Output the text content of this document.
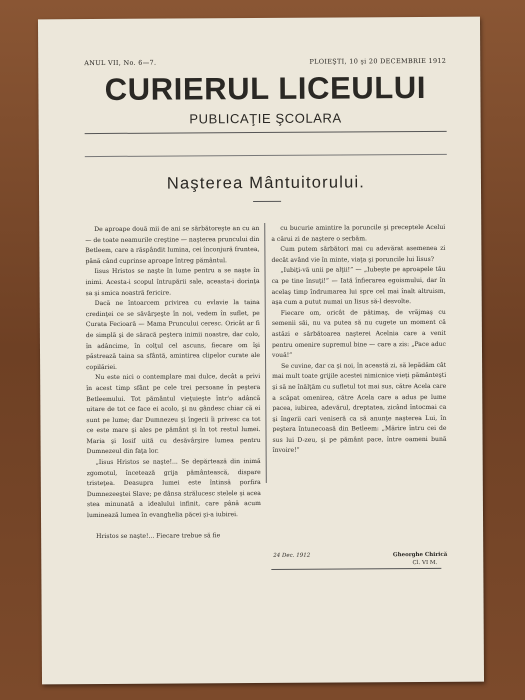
ANUL VII, No. 6—7.	PLOIEŞTI, 10 şi 20 DECEMBRIE 1912
CURIERUL LICEULUI
PUBLICAŢIE ŞCOLARA
Naşterea Mântuitorului.

De aproape două mii de ani se sărbătoreşte an cu an — de toate neamurile creştine — naşterea pruncului din Betleem, care a răspândit lumina, cei înconjură fruntea, până când cuprinse aproape întreg pământul.

Iisus Hristos se naşte în lume pentru a se naşte în inimi. Acesta-i scopul întrupării sale, aceasta-i dorinţa sa şi smica noastră fericire.

Dacă ne întoarcem privirea cu evlavie la taina credinţei ce se săvârşeşte în noi, vedem în suflet, pe Curata Fecioară — Mama Pruncului ceresc. Oricât ar fi de simplă şi de săracă peştera inimii noastre, dar colo, în adâncime, în colţul cel ascuns, fiecare om îşi păstrează taina sa sfântă, amintirea clipelor curate ale copilăriei.

Nu este nici o contemplare mai dulce, decât a privi în acest timp sfânt pe cele trei persoane în peştera Betleemului. Tot pământul vieţuieşte într'o adâncă uitare de tot ce face ei acolo, şi nu gândesc chiar că ei sunt pe lume; dar Dumnezeu şi îngerii îi privesc ca tot ce este mare şi ales pe pământ şi în tot restul lumei. Maria şi Iosif uită cu desăvârşire lumea pentru Dumnezeul din faţa lor.

„Iisus Hristos se naşte!... Se depărtează din inimă zgomotul, încetează grija pământească, dispare tristeţea. Deasupra lumei este întinsă porfira Dumnezeeştei Slave; pe dânsa strălucesc stelele şi acea stea minunată a idealului infinit, care până acum luminează lumea în evanghelia păcei şi-a iubirei.

Hristos se naşte!... Fiecare trebue să fie

cu bucurie amintire la poruncile şi preceptele Acelui a cărui zi de naştere o serbăm.

Cum putem sărbători mai cu adevărat asemenea zi decât având vie în minte, viaţa şi poruncile lui Iisus?

„Iubiţi-vă unii pe alţii!” — „Iubeşte pe aproapele tău ca pe tine însuţi!” — Iată înfierarea egoismului, dar în acelaş timp îndrumarea lui spre cel mai înalt altruism, aşa cum a putut numai un Iisus să-l desvolte.

Fiecare om, oricât de pătimaş, de vrăjmaş cu semenii săi, nu va putea să nu cugete un moment că astăzi e sărbătoarea naşterei Acelnia care a venit pentru omenire supremul bine — care a zis: „Pace aduc vouă!”

Se cuvine, dar ca şi noi, în această zi, să lepădăm cât mai mult toate grijile acestei nimicnice vieţi pământeşti şi să ne înălţăm cu sufletul tot mai sus, către Acela care a scăpat omenirea, către Acela care a adus pe lume pacea, iubirea, adevărul, dreptatea, zicând întocmai ca şi îngerii cari veniseră ca să anunţe naşterea Lui, în peştera întunecoasă din Betleem: „Mărire întru cei de sus lui D-zeu, şi pe pământ pace, între oameni bună învoire!”

24 Dec. 1912	Gheorghe Chirică
Cl. VI M.
